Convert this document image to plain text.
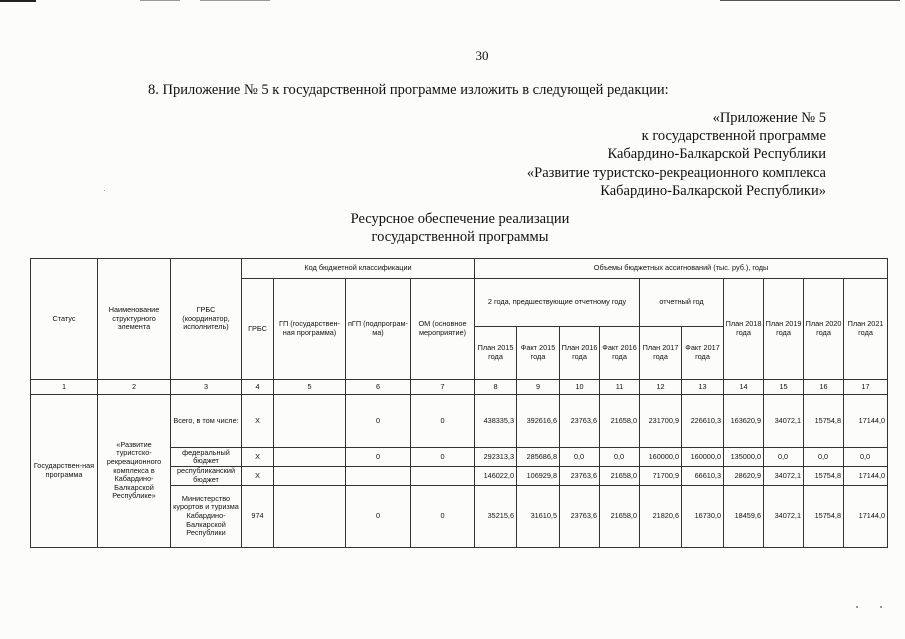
30
8. Приложение № 5 к государственной программе изложить в следующей редакции:
«Приложение № 5
к государственной программе
Кабардино-Балкарской Республики
«Развитие туристско-рекреационного комплекса
Кабардино-Балкарской Республики»
Ресурсное обеспечение реализации
государственной программы
Статус	Наименование структурного элемента	ГРБС (координатор, исполнитель)	Код бюджетной классификации				Объемы бюджетных ассигнований (тыс. руб.), годы									
			ГРБС	ГП (государствен-ная программа)	пГП (подпрограм-ма)	ОМ (основное мероприятие)	2 года, предшествующие отчетному году				отчетный год		План 2018 года	План 2019 года	План 2020 года	План 2021 года
							План 2015 года	Факт 2015 года	План 2016 года	Факт 2016 года	План 2017 года	Факт 2017 года				
1	2	3	4	5	6	7	8	9	10	11	12	13	14	15	16	17
Государствен-ная программа	«Развитие туристско-рекреационного комплекса в Кабардино-Балкарской Республике»	Всего, в том числе:	Х		0	0	438335,3	392616,6	23763,6	21658,0	231700,9	226610,3	163620,9	34072,1	15754,8	17144,0
		федеральный бюджет	Х		0	0	292313,3	285686,8	0,0	0,0	160000,0	160000,0	135000,0	0,0	0,0	0,0
		республиканский бюджет	Х				146022,0	106929,8	23763,6	21658,0	71700,9	66610,3	28620,9	34072,1	15754,8	17144,0
		Министерство курортов и туризма Кабардино-Балкарской Республики	974		0	0	35215,6	31610,5	23763,6	21658,0	21820,6	16730,0	18459,6	34072,1	15754,8	17144,0
